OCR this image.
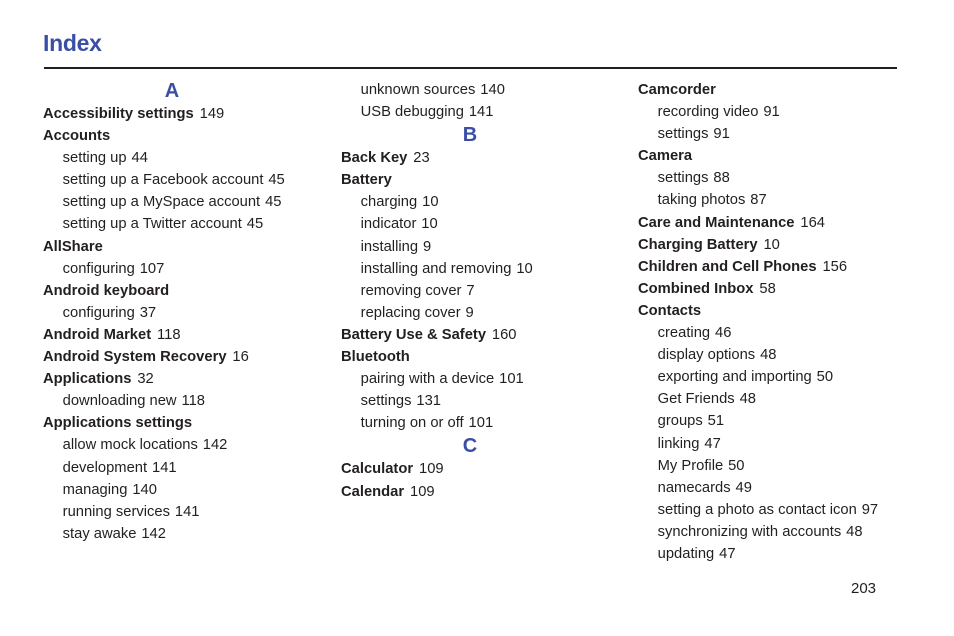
Index
A
Accessibility settings 149
Accounts
setting up 44
setting up a Facebook account 45
setting up a MySpace account 45
setting up a Twitter account 45
AllShare
configuring 107
Android keyboard
configuring 37
Android Market 118
Android System Recovery 16
Applications 32
downloading new 118
Applications settings
allow mock locations 142
development 141
managing 140
running services 141
stay awake 142
unknown sources 140
USB debugging 141
B
Back Key 23
Battery
charging 10
indicator 10
installing 9
installing and removing 10
removing cover 7
replacing cover 9
Battery Use & Safety 160
Bluetooth
pairing with a device 101
settings 131
turning on or off 101
C
Calculator 109
Calendar 109
Camcorder
recording video 91
settings 91
Camera
settings 88
taking photos 87
Care and Maintenance 164
Charging Battery 10
Children and Cell Phones 156
Combined Inbox 58
Contacts
creating 46
display options 48
exporting and importing 50
Get Friends 48
groups 51
linking 47
My Profile 50
namecards 49
setting a photo as contact icon 97
synchronizing with accounts 48
updating 47

203
